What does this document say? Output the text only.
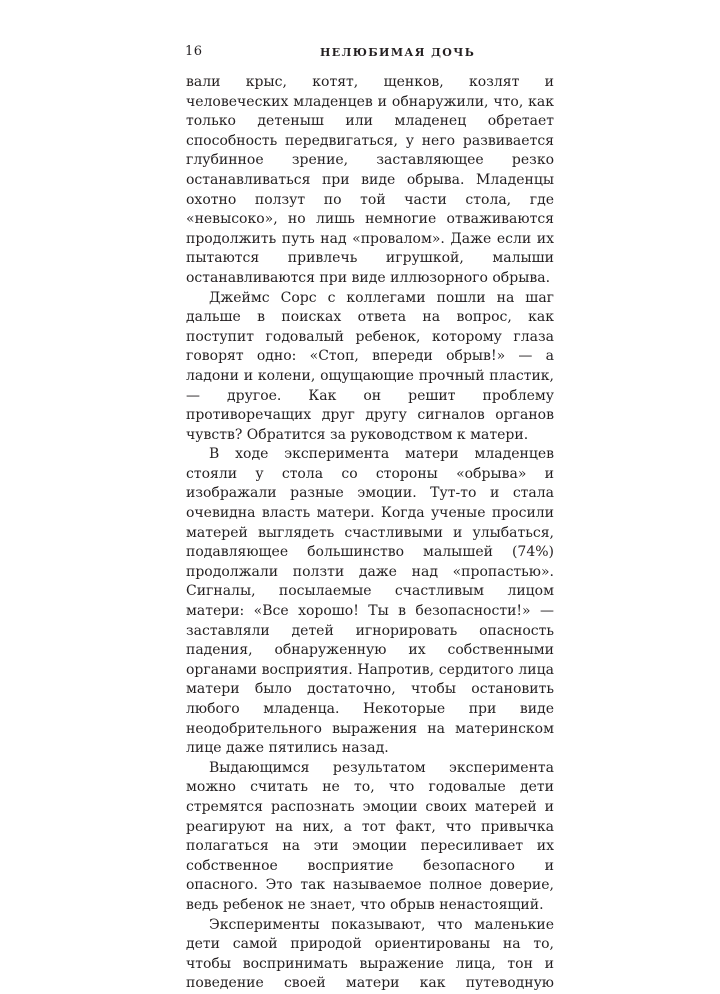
16	НЕЛЮБИМАЯ ДОЧЬ

вали крыс, котят, щенков, козлят и человеческих младенцев и обнаружили, что, как только детеныш или младенец обретает способность передвигаться, у него развивается глубинное зрение, заставляющее резко останавливаться при виде обрыва. Младенцы охотно ползут по той части стола, где «невысоко», но лишь немногие отваживаются продолжить путь над «провалом». Даже если их пытаются привлечь игрушкой, малыши останавливаются при виде иллюзорного обрыва.

Джеймс Сорс с коллегами пошли на шаг дальше в поисках ответа на вопрос, как поступит годовалый ребенок, которому глаза говорят одно: «Стоп, впереди обрыв!» — а ладони и колени, ощущающие прочный пластик, — другое. Как он решит проблему противоречащих друг другу сигналов органов чувств? Обратится за руководством к матери.

В ходе эксперимента матери младенцев стояли у стола со стороны «обрыва» и изображали разные эмоции. Тут-то и стала очевидна власть матери. Когда ученые просили матерей выглядеть счастливыми и улыбаться, подавляющее большинство малышей (74%) продолжали ползти даже над «пропастью». Сигналы, посылаемые счастливым лицом матери: «Все хорошо! Ты в безопасности!» — заставляли детей игнорировать опасность падения, обнаруженную их собственными органами восприятия. Напротив, сердитого лица матери было достаточно, чтобы остановить любого младенца. Некоторые при виде неодобрительного выражения на материнском лице даже пятились назад.

Выдающимся результатом эксперимента можно считать не то, что годовалые дети стремятся распознать эмоции своих матерей и реагируют на них, а тот факт, что привычка полагаться на эти эмоции пересиливает их собственное восприятие безопасного и опасного. Это так называемое полное доверие, ведь ребенок не знает, что обрыв ненастоящий.

Эксперименты показывают, что маленькие дети самой природой ориентированы на то, чтобы воспринимать выражение лица, тон и поведение своей матери как путеводную
